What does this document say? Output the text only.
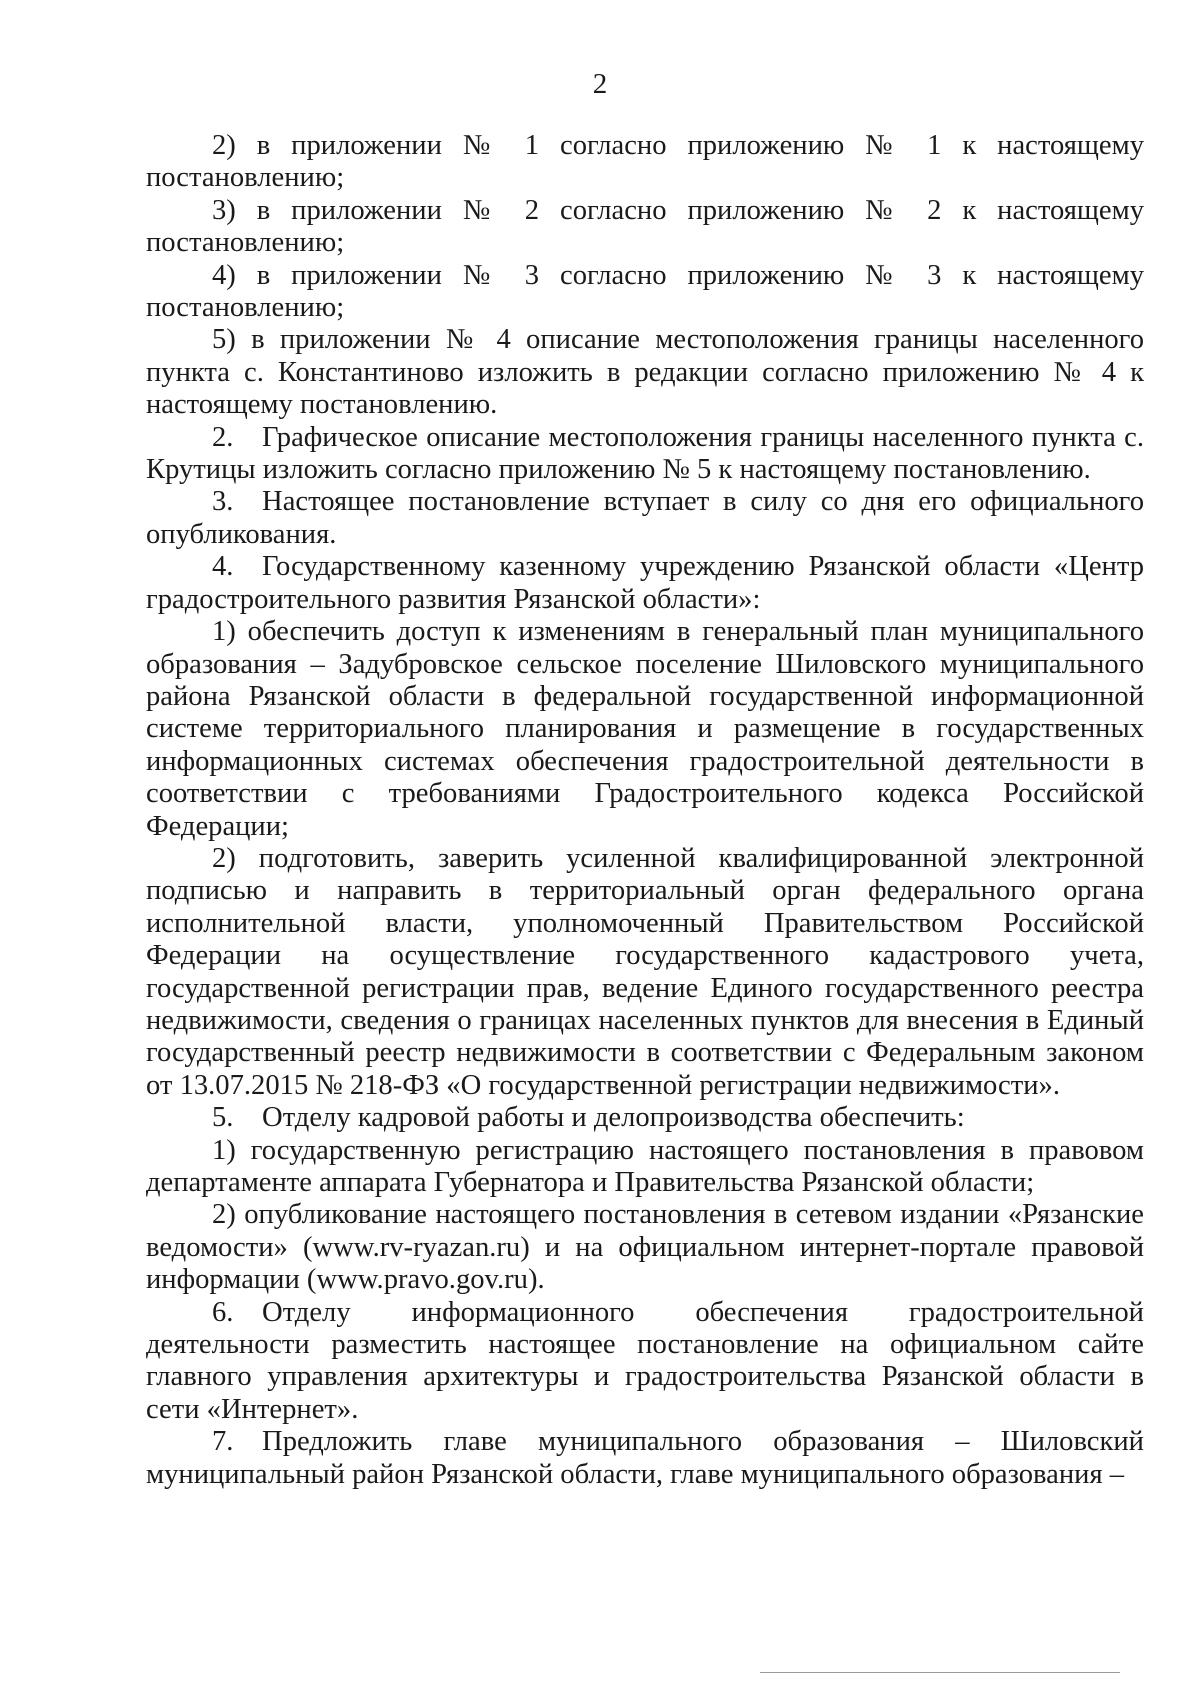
2

2) в приложении № 1 согласно приложению № 1 к настоящему постановлению;

3) в приложении № 2 согласно приложению № 2 к настоящему постановлению;

4) в приложении № 3 согласно приложению № 3 к настоящему постановлению;

5) в приложении № 4 описание местоположения границы населенного пункта с. Константиново изложить в редакции согласно приложению № 4 к настоящему постановлению.

2. Графическое описание местоположения границы населенного пункта с. Крутицы изложить согласно приложению № 5 к настоящему постановлению.

3. Настоящее постановление вступает в силу со дня его официального опубликования.

4. Государственному казенному учреждению Рязанской области «Центр градостроительного развития Рязанской области»:

1) обеспечить доступ к изменениям в генеральный план муниципального образования – Задубровское сельское поселение Шиловского муниципального района Рязанской области в федеральной государственной информационной системе территориального планирования и размещение в государственных информационных системах обеспечения градостроительной деятельности в соответствии с требованиями Градостроительного кодекса Российской Федерации;

2) подготовить, заверить усиленной квалифицированной электронной подписью и направить в территориальный орган федерального органа исполнительной власти, уполномоченный Правительством Российской Федерации на осуществление государственного кадастрового учета, государственной регистрации прав, ведение Единого государственного реестра недвижимости, сведения о границах населенных пунктов для внесения в Единый государственный реестр недвижимости в соответствии с Федеральным законом от 13.07.2015 № 218-ФЗ «О государственной регистрации недвижимости».

5. Отделу кадровой работы и делопроизводства обеспечить:

1) государственную регистрацию настоящего постановления в правовом департаменте аппарата Губернатора и Правительства Рязанской области;

2) опубликование настоящего постановления в сетевом издании «Рязанские ведомости» (www.rv-ryazan.ru) и на официальном интернет-портале правовой информации (www.pravo.gov.ru).

6. Отделу информационного обеспечения градостроительной деятельности разместить настоящее постановление на официальном сайте главного управления архитектуры и градостроительства Рязанской области в сети «Интернет».

7. Предложить главе муниципального образования – Шиловский муниципальный район Рязанской области, главе муниципального образования –
